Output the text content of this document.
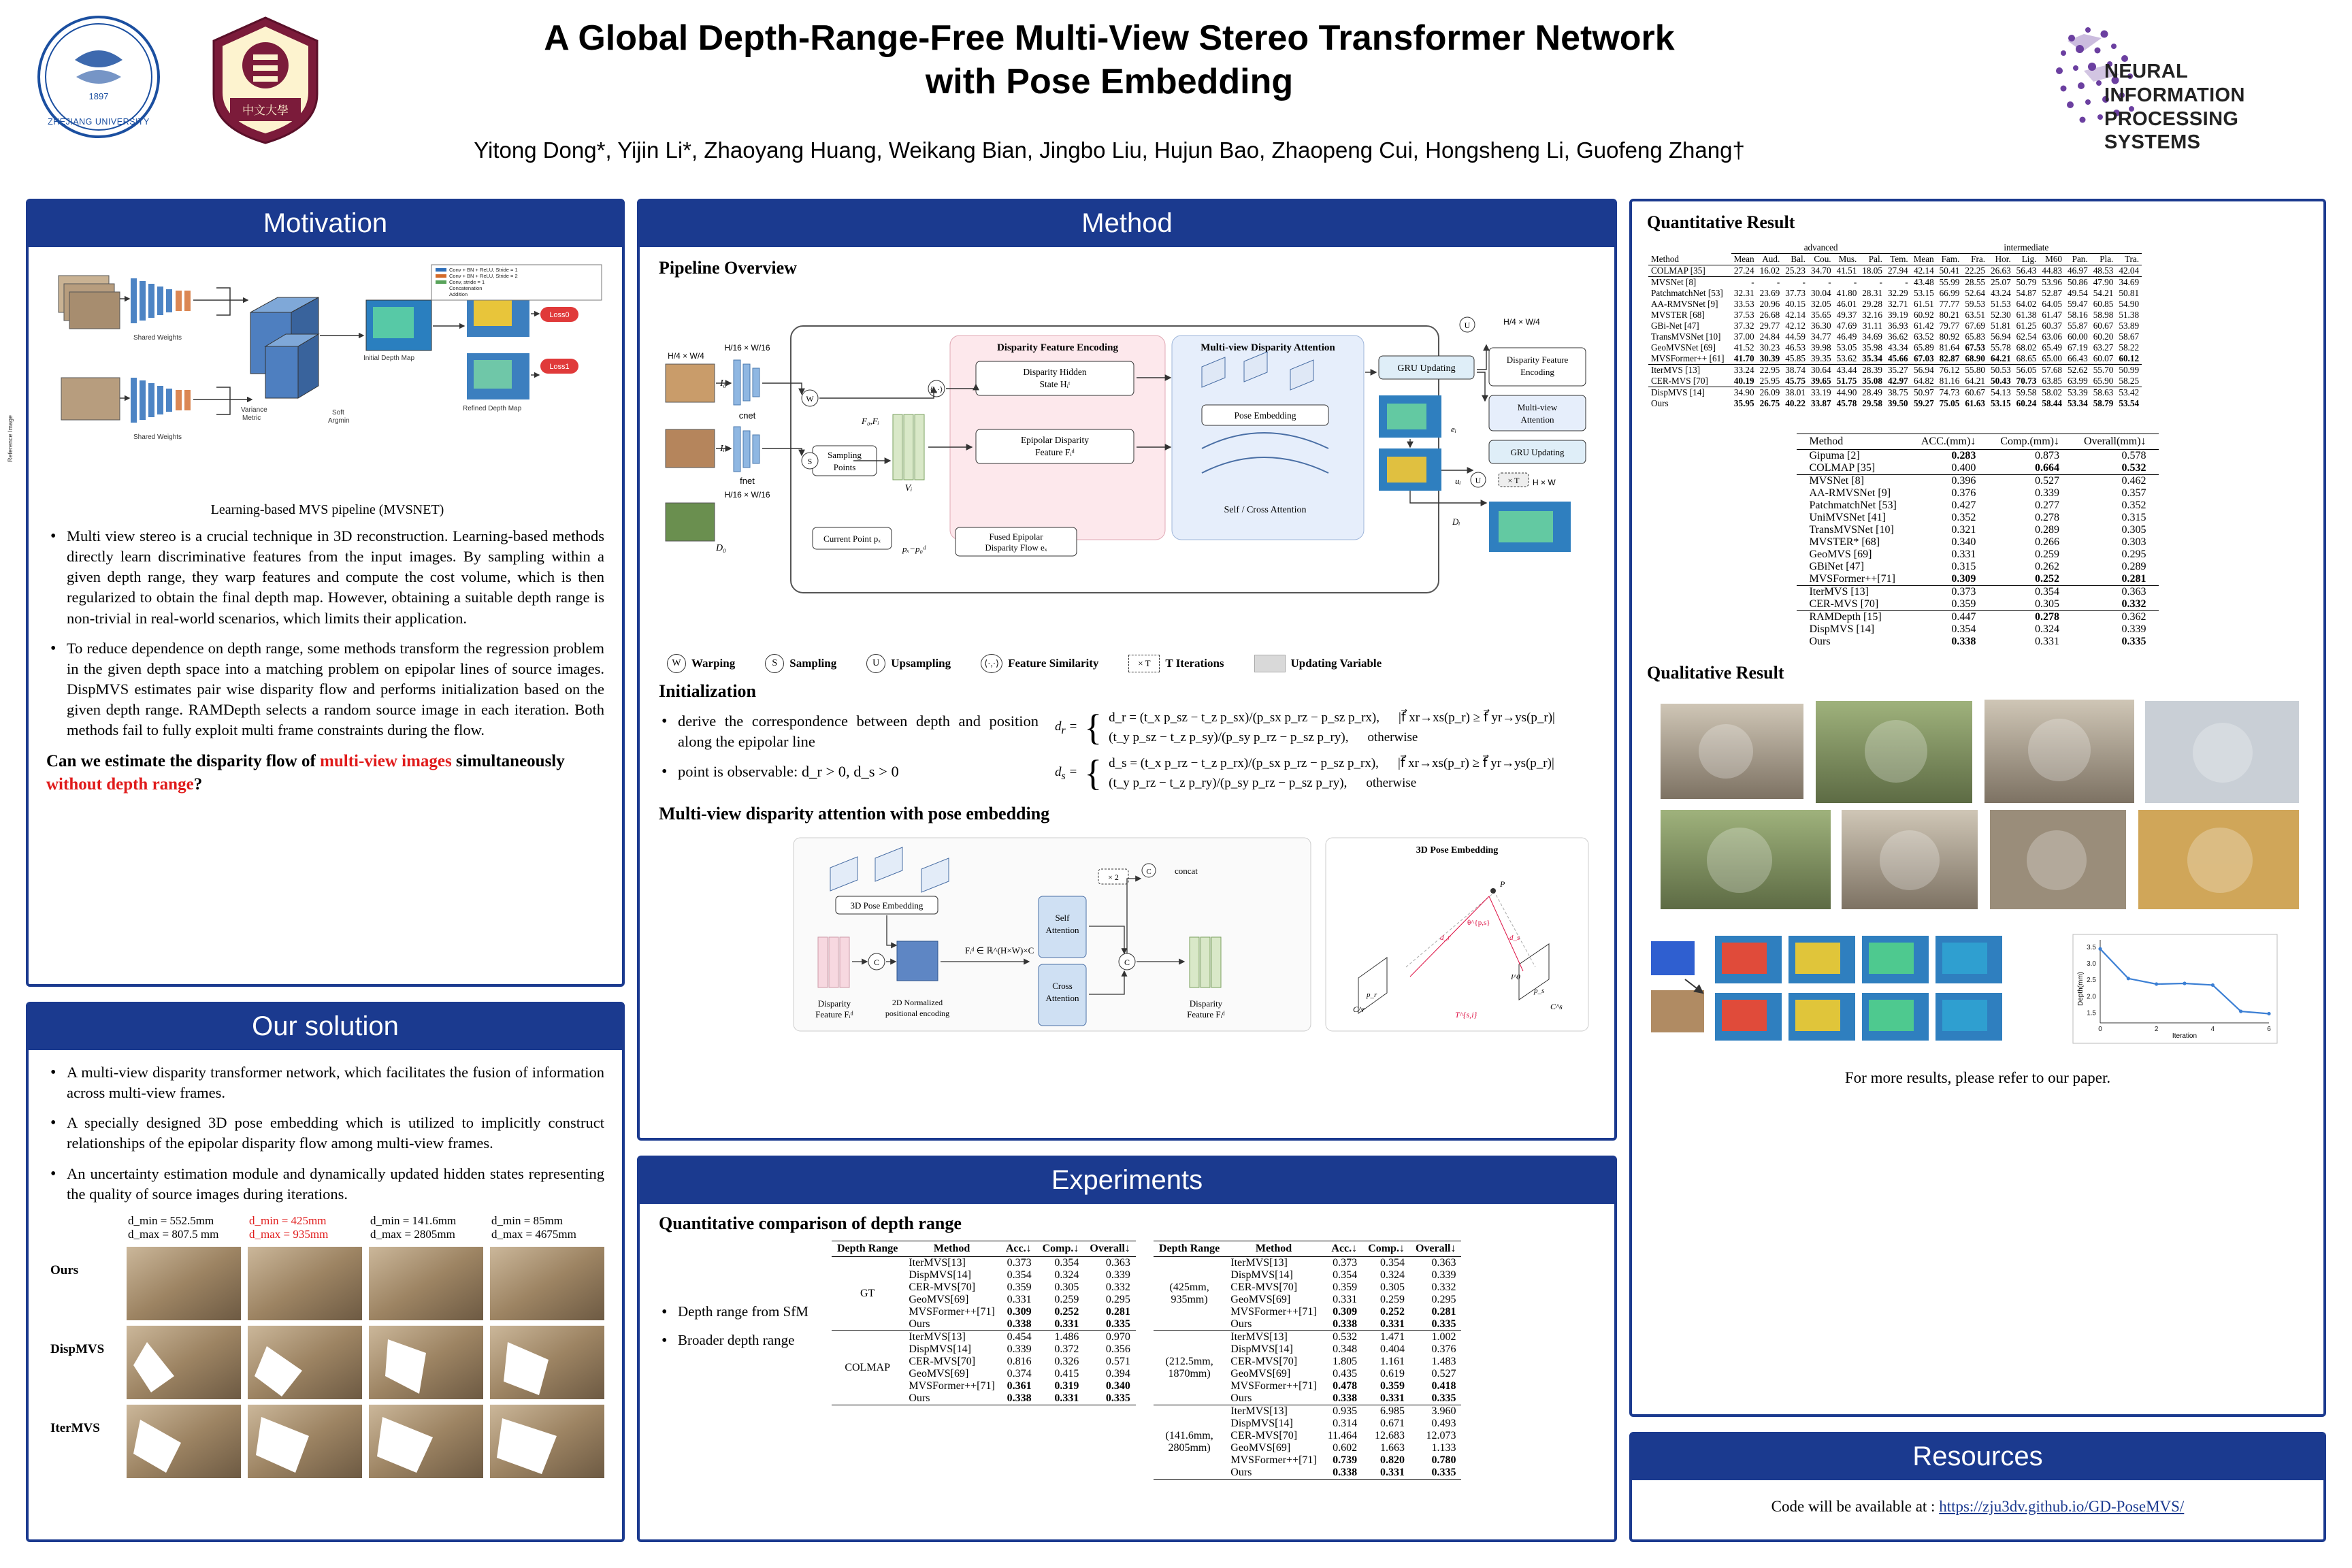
1897
ZHEJIANG UNIVERSITY
中文大學
A Global Depth-Range-Free Multi-View Stereo Transformer Network
with Pose Embedding
Yitong Dong*, Yijin Li*, Zhaoyang Huang, Weikang Bian, Jingbo Liu, Hujun Bao, Zhaopeng Cui, Hongsheng Li, Guofeng Zhang†
NEURAL INFORMATION PROCESSING SYSTEMS
Motivation
Reference Image
Shared Weights
Shared Weights
Variance
Metric
Soft
Argmin
Initial Depth Map
Refined Depth Map
Loss0
Loss1
Conv + BN + ReLU, Stride = 1
Conv + BN + ReLU, Stride = 2
Conv, stride = 1
Concatenation
Addition
Learning-based MVS pipeline (MVSNET)
• Multi view stereo is a crucial technique in 3D reconstruction. Learning-based methods directly learn discriminative features from the input images. By sampling within a given depth range, they warp features and compute the cost volume, which is then regularized to obtain the final depth map. However, obtaining a suitable depth range is non-trivial in real-world scenarios, which limits their application.
• To reduce dependence on depth range, some methods transform the regression problem in the given depth space into a matching problem on epipolar lines of source images. DispMVS estimates pair wise disparity flow and performs initialization based on the given depth range. RAMDepth selects a random source image in each iteration. Both methods fail to fully exploit multi frame constraints during the flow.
Can we estimate the disparity flow of multi-view images simultaneously without depth range?
Our solution
• A multi-view disparity transformer network, which facilitates the fusion of information across multi-view frames.
• A specially designed 3D pose embedding which is utilized to implicitly construct relationships of the epipolar disparity flow among multi-view frames.
• An uncertainty estimation module and dynamically updated hidden states representing the quality of source images during iterations.
d_min = 552.5mm
d_max = 807.5 mm
d_min = 425mm
d_max = 935mm
d_min = 141.6mm
d_max = 2805mm
d_min = 85mm
d_max = 4675mm
Ours
DispMVS
IterMVS
Method
Pipeline Overview
I₀
Iᵢ
D₀
H/4 × W/4
cnet
fnet
H/16 × W/16
H/16 × W/16
Disparity Feature Encoding
Disparity Hidden
State Hᵢᵗ
Epipolar Disparity
Feature Fᵢᵈ
Multi-view Disparity Attention
Pose Embedding
Self / Cross Attention
GRU Updating
Disparity Feature
Encoding
Multi-view
Attention
GRU Updating
H/4 × W/4
U
U	H × W
× T
Sampling
Points
Current Point pₓ	Fused Epipolar
Disparity Flow eₓ
Vᵢ
F₀,Fᵢ
W
S
⟨·,·⟩
eᵢ
uᵢ
Dᵢ
pₓ−p₀ᵈ
W Warping	S	Sampling	U Upsampling	⟨·,·⟩ Feature Similarity	× T	T Iterations	Updating Variable
Initialization
• derive the correspondence between depth and position along the epipolar line
• point is observable: d_r > 0, d_s > 0
$d_r$ = { d_r = (t_x p_sz − t_z p_sx)/(p_sx p_rz − p_sz p_rx), |f⃗ xr→xs(p_r) ≥ f⃗ yr→ys(p_r)|
(t_y p_sz − t_z p_sy)/(p_sy p_rz − p_sz p_ry), otherwise
$d_s$ = { d_s = (t_x p_rz − t_z p_rx)/(p_sx p_rz − p_sz p_rx), |f⃗ xr→xs(p_r) ≥ f⃗ yr→ys(p_r)|
(t_y p_rz − t_z p_ry)/(p_sy p_rz − p_sz p_ry), otherwise
Multi-view disparity attention with pose embedding
3D Pose Embedding
Disparity
Feature Fᵢᵈ
C
2D Normalized
positional encoding
Fᵢᵈ ∈ ℝ^(H×W)×C
Self
Attention
Cross
Attention
× 2
C
C	concat
Disparity
Feature Fᵢᵈ
3D Pose Embedding
P
d_r	d_s
θ^{p,s}
p_r	p_s
C^r	C^s
T^{s,i}
I^0
Experiments
Quantitative comparison of depth range
• Depth range from SfM
• Broader depth range
Depth Range	Method	Acc.↓	Comp.↓	Overall↓
GT	IterMVS[13]	0.373	0.354	0.363
	DispMVS[14]	0.354	0.324	0.339
	CER-MVS[70]	0.359	0.305	0.332
	GeoMVS[69]	0.331	0.259	0.295
	MVSFormer++[71]	0.309	0.252	0.281
	Ours	0.338	0.331	0.335
COLMAP	IterMVS[13]	0.454	1.486	0.970
	DispMVS[14]	0.339	0.372	0.356
	CER-MVS[70]	0.816	0.326	0.571
	GeoMVS[69]	0.374	0.415	0.394
	MVSFormer++[71]	0.361	0.319	0.340
	Ours	0.338	0.331	0.335
Depth Range	Method	Acc.↓	Comp.↓	Overall↓
(425mm,
935mm)	IterMVS[13]	0.373	0.354	0.363
	DispMVS[14]	0.354	0.324	0.339
	CER-MVS[70]	0.359	0.305	0.332
	GeoMVS[69]	0.331	0.259	0.295
	MVSFormer++[71]	0.309	0.252	0.281
	Ours	0.338	0.331	0.335
(212.5mm,
1870mm)	IterMVS[13]	0.532	1.471	1.002
	DispMVS[14]	0.348	0.404	0.376
	CER-MVS[70]	1.805	1.161	1.483
	GeoMVS[69]	0.435	0.619	0.527
	MVSFormer++[71]	0.478	0.359	0.418
	Ours	0.338	0.331	0.335
(141.6mm,
2805mm)	IterMVS[13]	0.935	6.985	3.960
	DispMVS[14]	0.314	0.671	0.493
	CER-MVS[70]	11.464	12.683	12.073
	GeoMVS[69]	0.602	1.663	1.133
	MVSFormer++[71]	0.739	0.820	0.780
	Ours	0.338	0.331	0.335
Quantitative Result
	advanced							intermediate								
Method	Mean	Aud.	Bal.	Cou.	Mus.	Pal.	Tem.	Mean	Fam.	Fra.	Hor.	Lig.	M60	Pan.	Pla.	Tra.
COLMAP [35]	27.24	16.02	25.23	34.70	41.51	18.05	27.94	42.14	50.41	22.25	26.63	56.43	44.83	46.97	48.53	42.04
MVSNet [8]	-	-	-	-	-	-	-	43.48	55.99	28.55	25.07	50.79	53.96	50.86	47.90	34.69
PatchmatchNet [53]	32.31	23.69	37.73	30.04	41.80	28.31	32.29	53.15	66.99	52.64	43.24	54.87	52.87	49.54	54.21	50.81
AA-RMVSNet [9]	33.53	20.96	40.15	32.05	46.01	29.28	32.71	61.51	77.77	59.53	51.53	64.02	64.05	59.47	60.85	54.90
MVSTER [68]	37.53	26.68	42.14	35.65	49.37	32.16	39.19	60.92	80.21	63.51	52.30	61.38	61.47	58.16	58.98	51.38
GBi-Net [47]	37.32	29.77	42.12	36.30	47.69	31.11	36.93	61.42	79.77	67.69	51.81	61.25	60.37	55.87	60.67	53.89
TransMVSNet [10]	37.00	24.84	44.59	34.77	46.49	34.69	36.62	63.52	80.92	65.83	56.94	62.54	63.06	60.00	60.20	58.67
GeoMVSNet [69]	41.52	30.23	46.53	39.98	53.05	35.98	43.34	65.89	81.64	67.53	55.78	68.02	65.49	67.19	63.27	58.22
MVSFormer++ [61]	41.70	30.39	45.85	39.35	53.62	35.34	45.66	67.03	82.87	68.90	64.21	68.65	65.00	66.43	60.07	60.12
IterMVS [13]	33.24	22.95	38.74	30.64	43.44	28.39	35.27	56.94	76.12	55.80	50.53	56.05	57.68	52.62	55.70	50.99
CER-MVS [70]	40.19	25.95	45.75	39.65	51.75	35.08	42.97	64.82	81.16	64.21	50.43	70.73	63.85	63.99	65.90	58.25
DispMVS [14]	34.90	26.09	38.01	33.19	44.90	28.49	38.75	50.97	74.73	60.67	54.13	59.58	58.02	53.39	58.63	53.42
Ours	35.95	26.75	40.22	33.87	45.78	29.58	39.50	59.27	75.05	61.63	53.15	60.24	58.44	53.34	58.79	53.54
Method	ACC.(mm)↓	Comp.(mm)↓	Overall(mm)↓
Gipuma [2]	0.283	0.873	0.578
COLMAP [35]	0.400	0.664	0.532
MVSNet [8]	0.396	0.527	0.462
AA-RMVSNet [9]	0.376	0.339	0.357
PatchmatchNet [53]	0.427	0.277	0.352
UniMVSNet [41]	0.352	0.278	0.315
TransMVSNet [10]	0.321	0.289	0.305
MVSTER* [68]	0.340	0.266	0.303
GeoMVS [69]	0.331	0.259	0.295
GBiNet [47]	0.315	0.262	0.289
MVSFormer++[71]	0.309	0.252	0.281
IterMVS [13]	0.373	0.354	0.363
CER-MVS [70]	0.359	0.305	0.332
RAMDepth [15]	0.447	0.278	0.362
DispMVS [14]	0.354	0.324	0.339
Ours	0.338	0.331	0.335
Qualitative Result
1.5
2.0
2.5
3.0
3.5
0	2	4	6
Depth(mm)
Iteration
For more results, please refer to our paper.
Resources
Code will be available at : https://zju3dv.github.io/GD-PoseMVS/
